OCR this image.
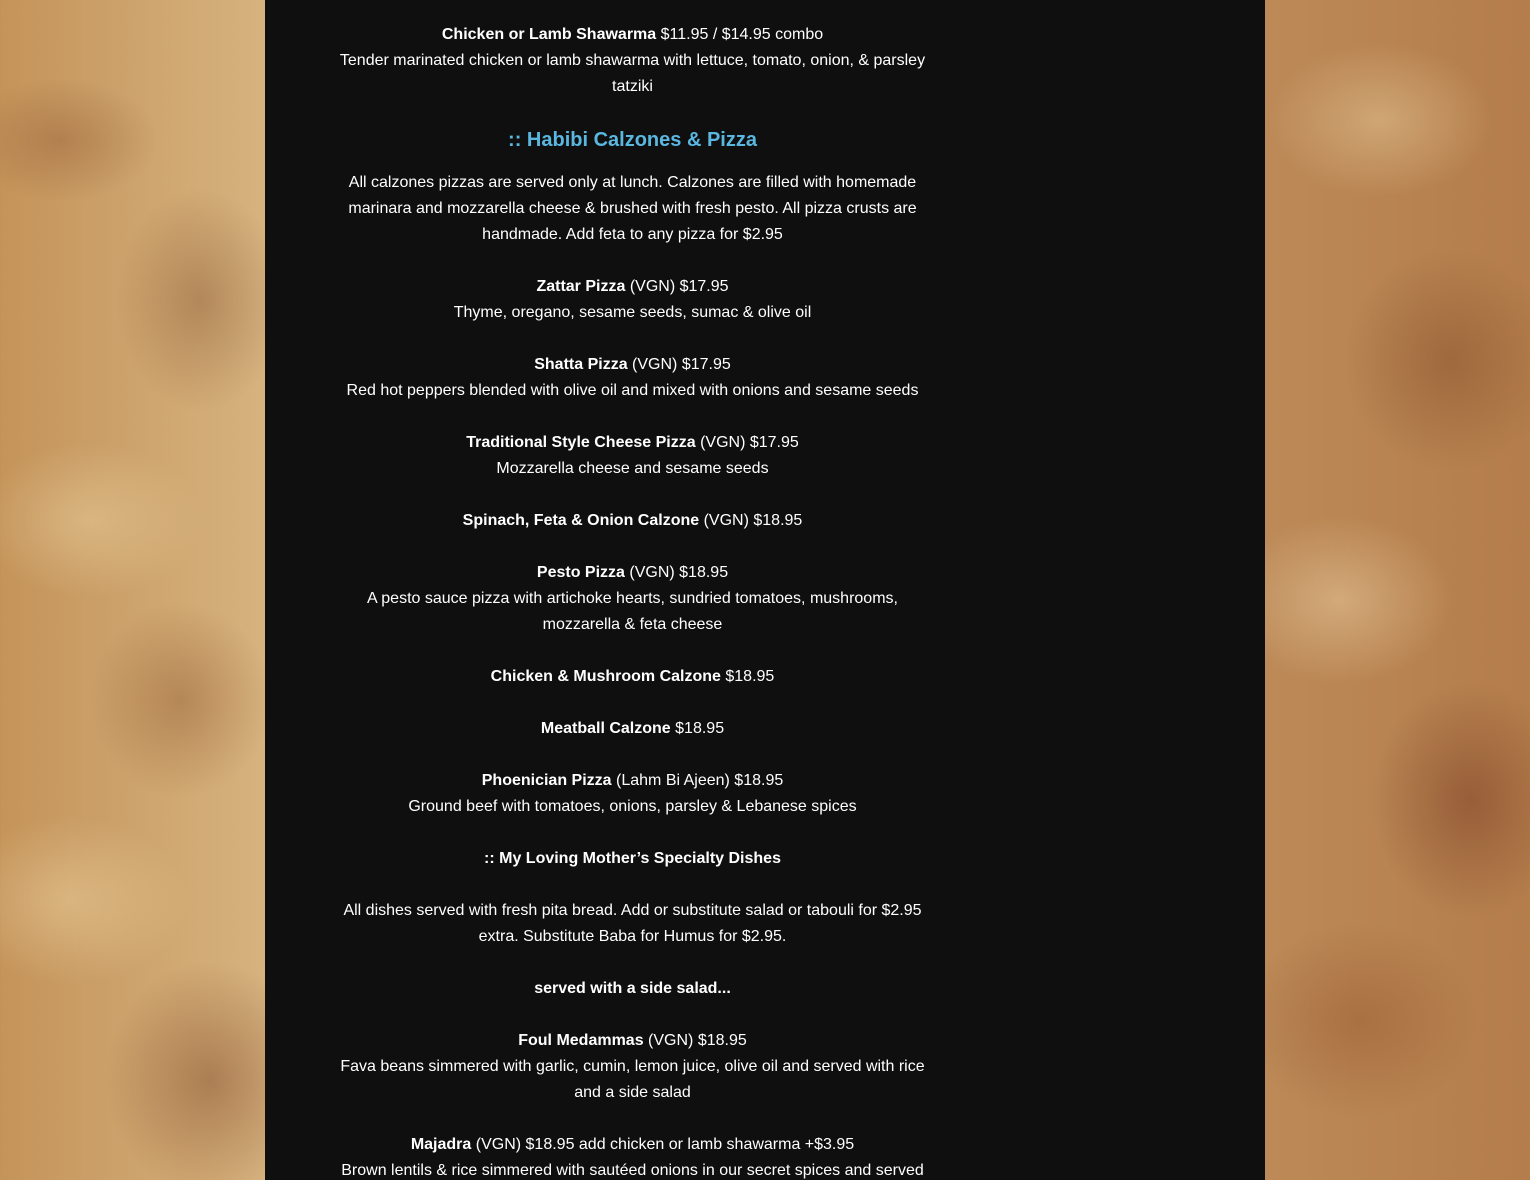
Chicken or Lamb Shawarma $11.95 / $14.95 combo

Tender marinated chicken or lamb shawarma with lettuce, tomato, onion, & parsley tatziki

:: Habibi Calzones & Pizza
All calzones pizzas are served only at lunch. Calzones are filled with homemade marinara and mozzarella cheese & brushed with fresh pesto. All pizza crusts are handmade. Add feta to any pizza for $2.95

Zattar Pizza (VGN) $17.95

Thyme, oregano, sesame seeds, sumac & olive oil

Shatta Pizza (VGN) $17.95

Red hot peppers blended with olive oil and mixed with onions and sesame seeds

Traditional Style Cheese Pizza (VGN) $17.95

Mozzarella cheese and sesame seeds

Spinach, Feta & Onion Calzone (VGN) $18.95

Pesto Pizza (VGN) $18.95

A pesto sauce pizza with artichoke hearts, sundried tomatoes, mushrooms, mozzarella & feta cheese

Chicken & Mushroom Calzone $18.95

Meatball Calzone $18.95

Phoenician Pizza (Lahm Bi Ajeen) $18.95

Ground beef with tomatoes, onions, parsley & Lebanese spices

:: My Loving Mother’s Specialty Dishes
All dishes served with fresh pita bread. Add or substitute salad or tabouli for $2.95 extra. Substitute Baba for Humus for $2.95.
served with a side salad...

Foul Medammas (VGN) $18.95

Fava beans simmered with garlic, cumin, lemon juice, olive oil and served with rice and a side salad

Majadra (VGN) $18.95 add chicken or lamb shawarma +$3.95

Brown lentils & rice simmered with sautéed onions in our secret spices and served
